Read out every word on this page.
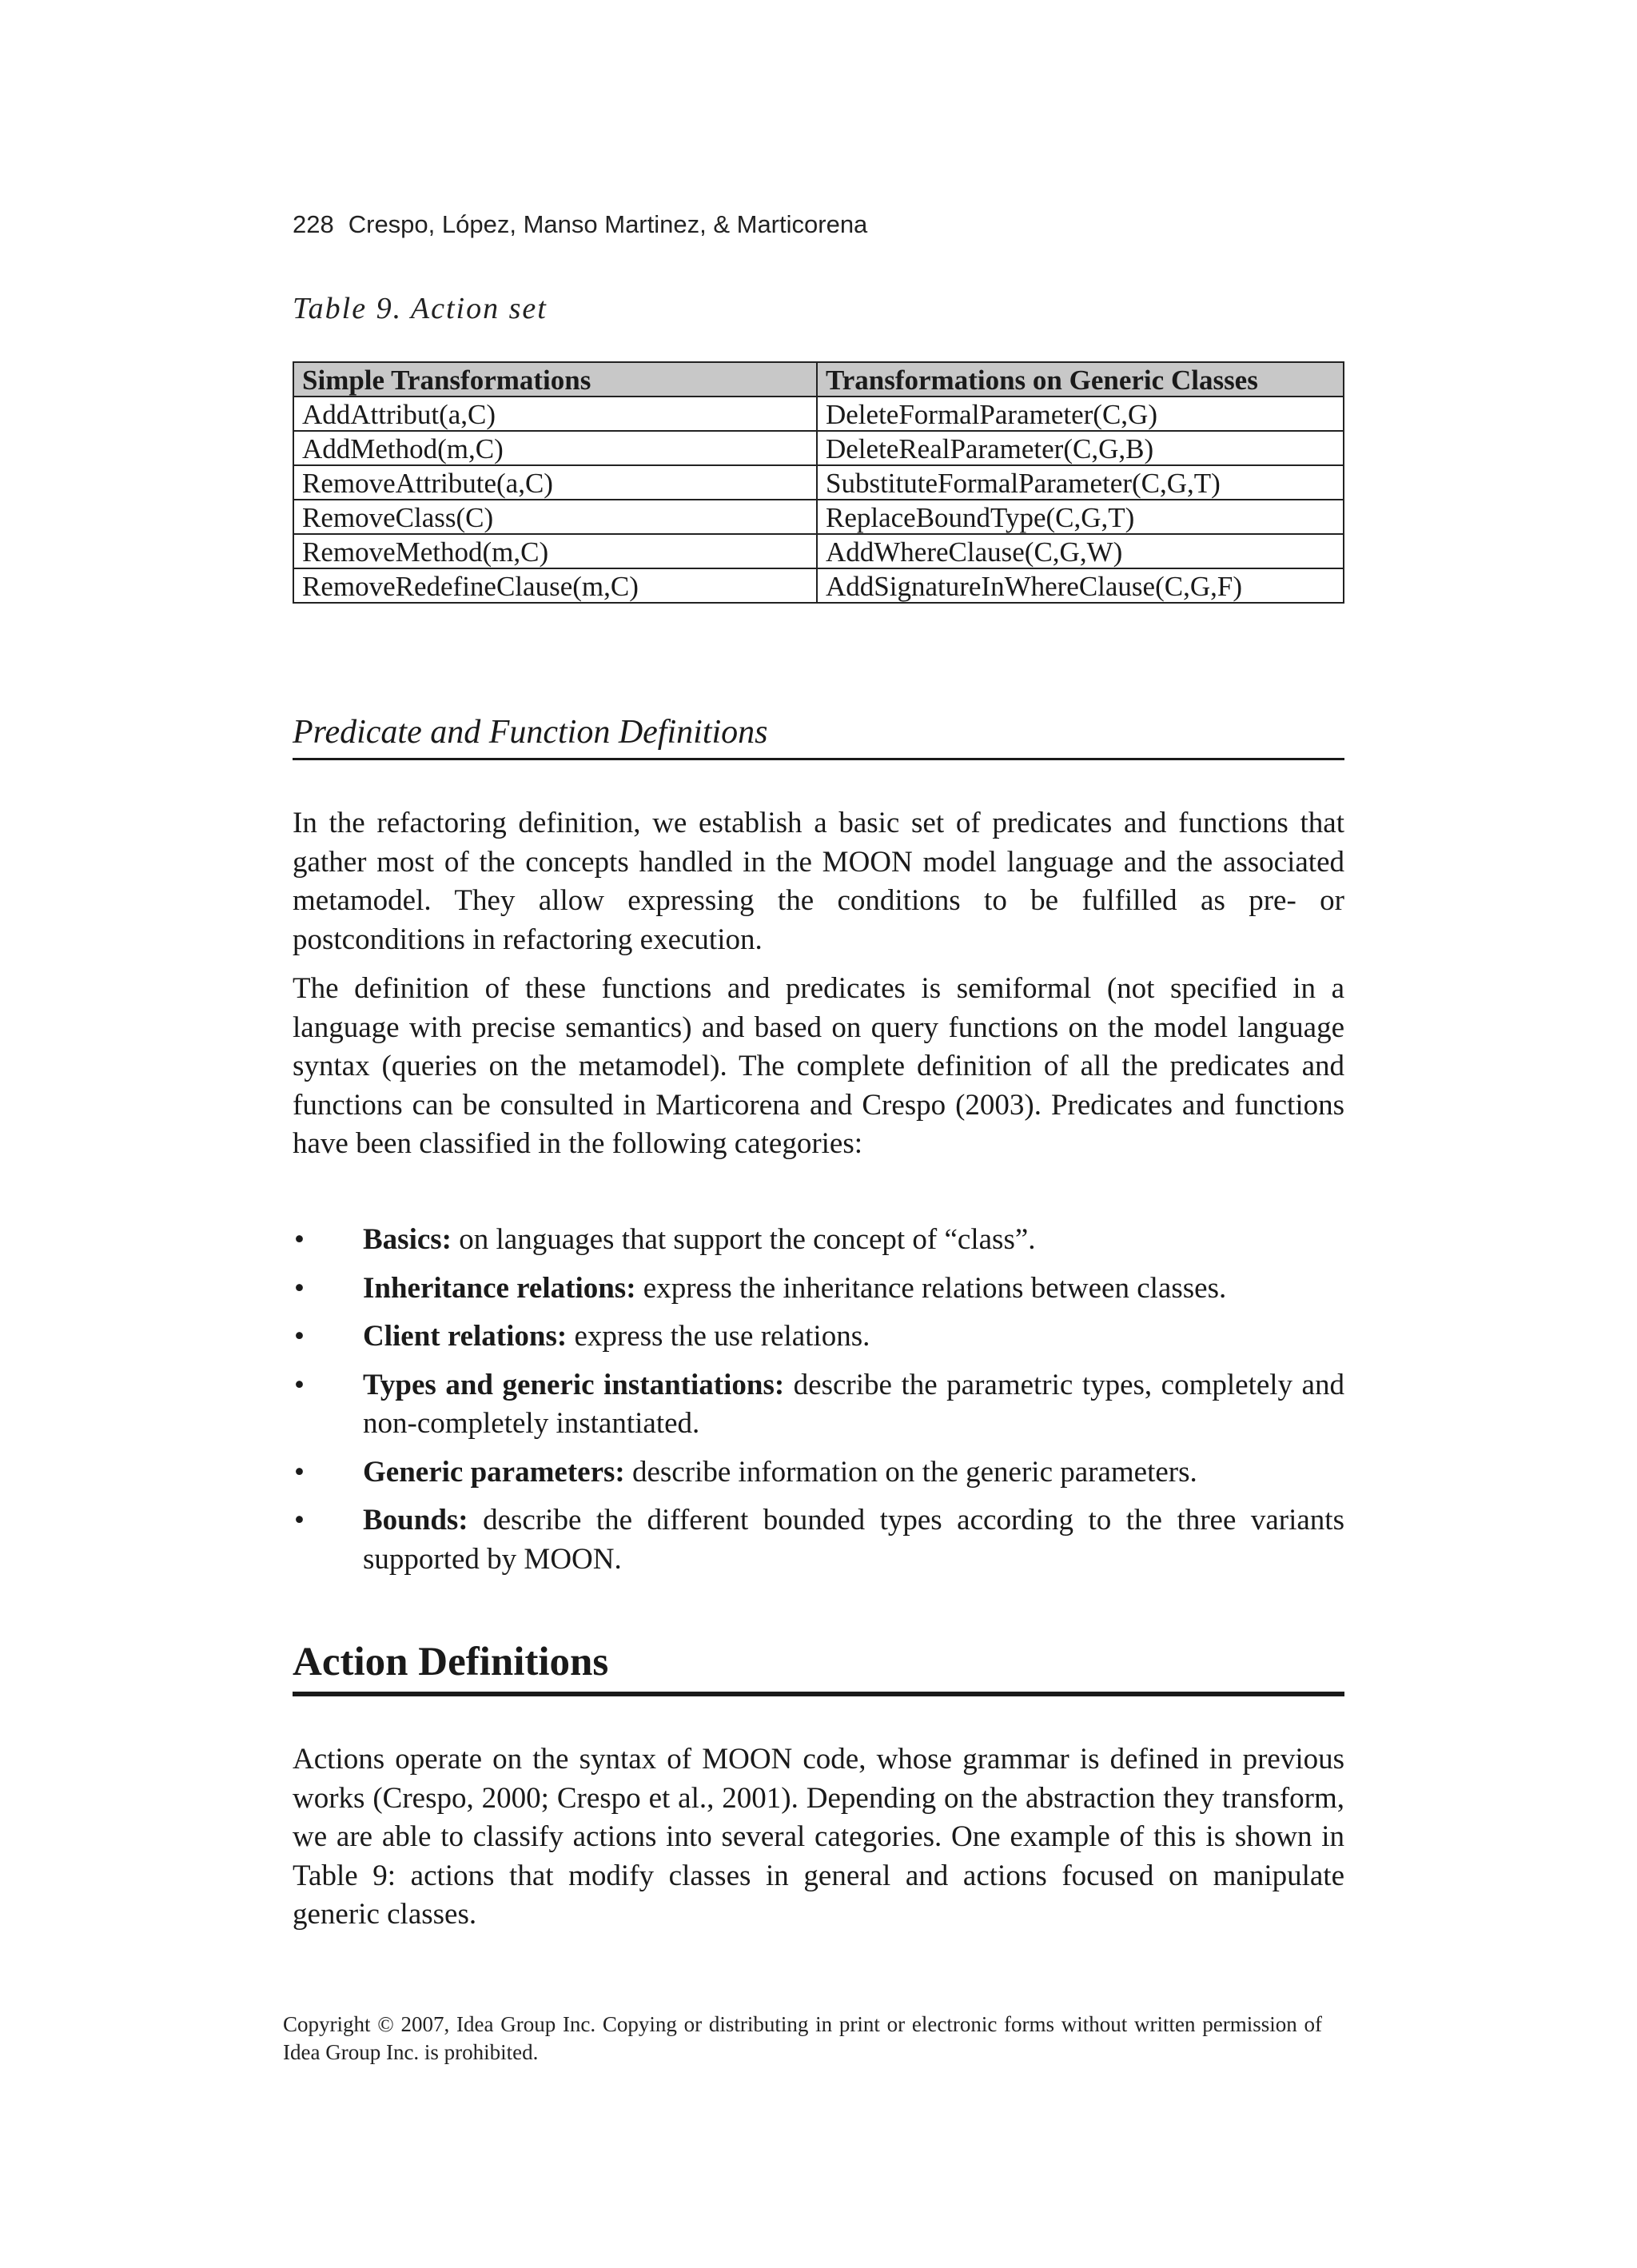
228 Crespo, López, Manso Martinez, & Marticorena
Table 9. Action set
Simple Transformations	Transformations on Generic Classes
AddAttribut(a,C)	DeleteFormalParameter(C,G)
AddMethod(m,C)	DeleteRealParameter(C,G,B)
RemoveAttribute(a,C)	SubstituteFormalParameter(C,G,T)
RemoveClass(C)	ReplaceBoundType(C,G,T)
RemoveMethod(m,C)	AddWhereClause(C,G,W)
RemoveRedefineClause(m,C)	AddSignatureInWhereClause(C,G,F)
Predicate and Function Definitions

In the refactoring definition, we establish a basic set of predicates and functions that gather most of the concepts handled in the MOON model language and the associated metamodel. They allow expressing the conditions to be fulfilled as pre- or postconditions in refactoring execution.

The definition of these functions and predicates is semiformal (not specified in a language with precise semantics) and based on query functions on the model language syntax (queries on the metamodel). The complete definition of all the predicates and functions can be consulted in Marticorena and Crespo (2003). Predicates and functions have been classified in the following categories:

• Basics: on languages that support the concept of “class”.
• Inheritance relations: express the inheritance relations between classes.
• Client relations: express the use relations.
• Types and generic instantiations: describe the parametric types, completely and non-completely instantiated.
• Generic parameters: describe information on the generic parameters.
• Bounds: describe the different bounded types according to the three variants supported by MOON.
Action Definitions

Actions operate on the syntax of MOON code, whose grammar is defined in previous works (Crespo, 2000; Crespo et al., 2001). Depending on the abstraction they transform, we are able to classify actions into several categories. One example of this is shown in Table 9: actions that modify classes in general and actions focused on manipulate generic classes.

Copyright © 2007, Idea Group Inc. Copying or distributing in print or electronic forms without written permission of Idea Group Inc. is prohibited.
